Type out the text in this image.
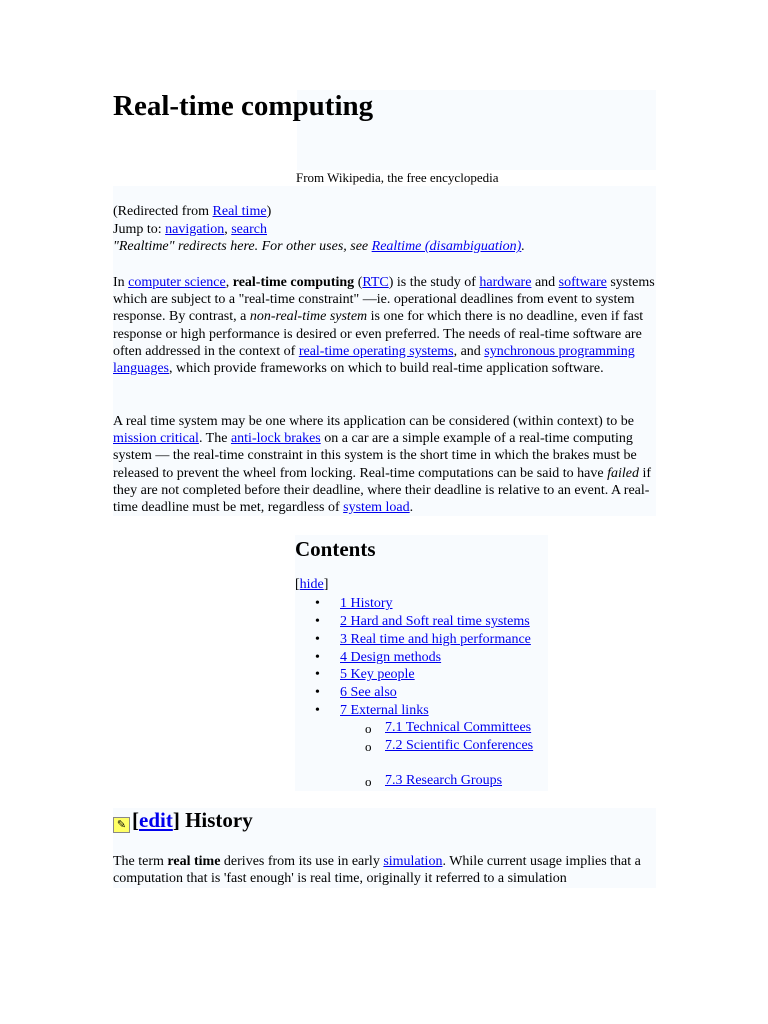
Real-time computing
From Wikipedia, the free encyclopedia
(Redirected from Real time)
Jump to: navigation, search
"Realtime" redirects here. For other uses, see Realtime (disambiguation).

In computer science, real-time computing (RTC) is the study of hardware and software systems which are subject to a "real-time constraint" —ie. operational deadlines from event to system response. By contrast, a non-real-time system is one for which there is no deadline, even if fast response or high performance is desired or even preferred. The needs of real-time software are often addressed in the context of real-time operating systems, and synchronous programming languages, which provide frameworks on which to build real-time application software.

A real time system may be one where its application can be considered (within context) to be mission critical. The anti-lock brakes on a car are a simple example of a real-time computing system — the real-time constraint in this system is the short time in which the brakes must be released to prevent the wheel from locking. Real-time computations can be said to have failed if they are not completed before their deadline, where their deadline is relative to an event. A real-time deadline must be met, regardless of system load.

Contents
[hide]
• 1 History
• 2 Hard and Soft real time systems
• 3 Real time and high performance
• 4 Design methods
• 5 Key people
• 6 See also
• 7 External links
o 7.1 Technical Committees
o 7.2 Scientific Conferences
o 7.3 Research Groups
✎ [edit] History

The term real time derives from its use in early simulation. While current usage implies that a computation that is 'fast enough' is real time, originally it referred to a simulation
